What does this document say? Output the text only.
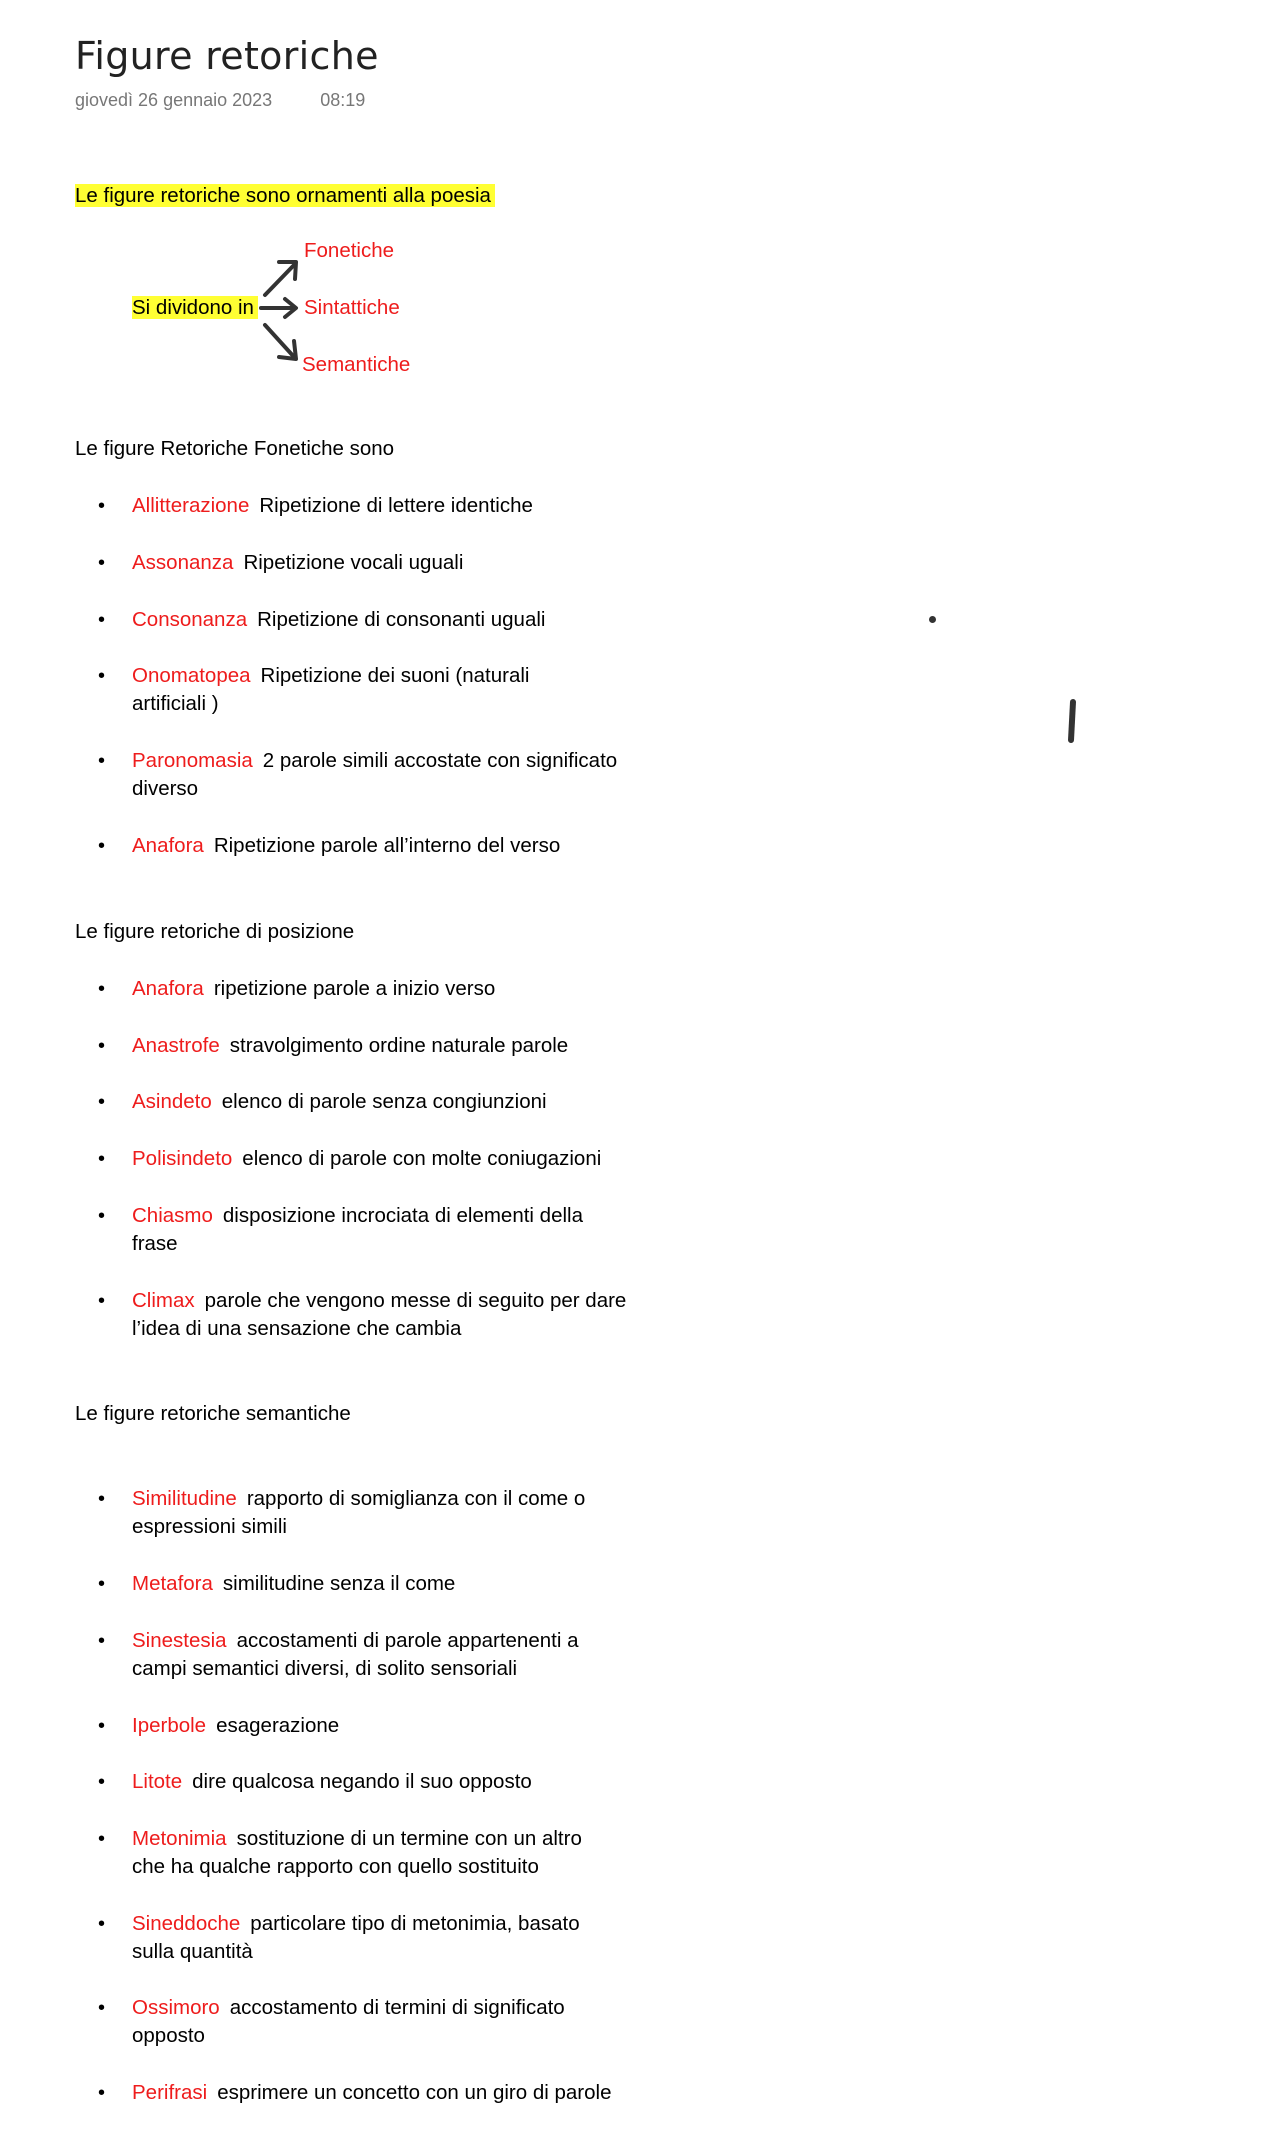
Figure retoriche
giovedì 26 gennaio 2023	08:19
Le figure retoriche sono ornamenti alla poesia
Si dividono in
Fonetiche
Sintattiche
Semantiche
Le figure Retoriche Fonetiche sono
• Allitterazione Ripetizione di lettere identiche
• Assonanza Ripetizione vocali uguali
• Consonanza Ripetizione di consonanti uguali
• Onomatopea Ripetizione dei suoni (naturali
artificiali )
• Paronomasia 2 parole simili accostate con significato
diverso
• Anafora Ripetizione parole all’interno del verso
Le figure retoriche di posizione
• Anafora ripetizione parole a inizio verso
• Anastrofe stravolgimento ordine naturale parole
• Asindeto elenco di parole senza congiunzioni
• Polisindeto elenco di parole con molte coniugazioni
• Chiasmo disposizione incrociata di elementi della
frase
• Climax parole che vengono messe di seguito per dare
l’idea di una sensazione che cambia
Le figure retoriche semantiche
• Similitudine rapporto di somiglianza con il come o
espressioni simili
• Metafora similitudine senza il come
• Sinestesia accostamenti di parole appartenenti a
campi semantici diversi, di solito sensoriali
• Iperbole esagerazione
• Litote dire qualcosa negando il suo opposto
• Metonimia sostituzione di un termine con un altro
che ha qualche rapporto con quello sostituito
• Sineddoche particolare tipo di metonimia, basato
sulla quantità
• Ossimoro accostamento di termini di significato
opposto
• Perifrasi esprimere un concetto con un giro di parole
